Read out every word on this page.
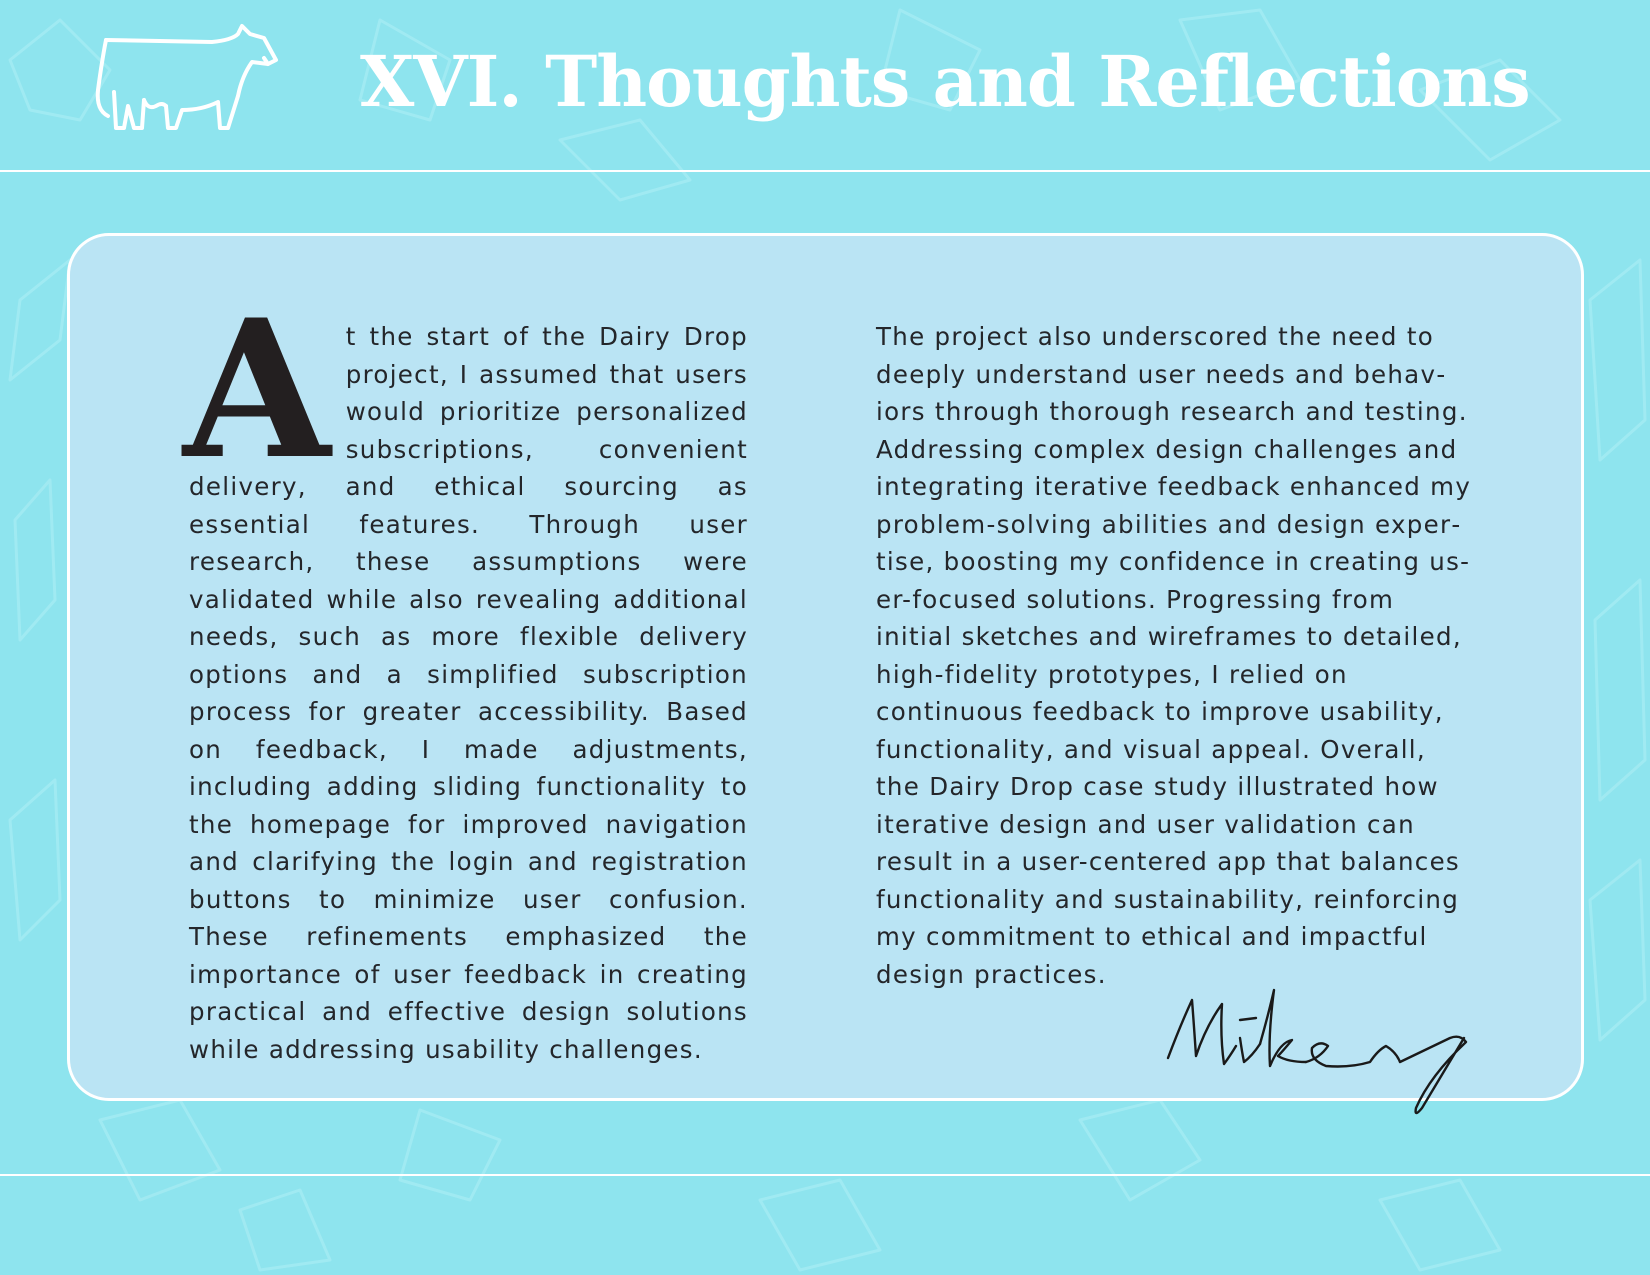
XVI. Thoughts and Reflections
A t the start of the Dairy Drop project, I assumed that users would prioritize personalized subscriptions, convenient delivery, and ethical sourcing as essential features. Through user research, these assumptions were validated while also revealing additional needs, such as more flexible delivery options and a simplified subscription process for greater accessibility. Based on feedback, I made adjustments, including adding sliding functionality to the homepage for improved navigation and clarifying the login and registration buttons to minimize user confusion. These refinements emphasized the importance of user feedback in creating practical and effective design solutions while addressing usability challenges.

The project also underscored the need to deeply understand user needs and behaviors through thorough research and testing. Addressing complex design challenges and integrating iterative feedback enhanced my problem-solving abilities and design expertise, boosting my confidence in creating user-focused solutions. Progressing from initial sketches and wireframes to detailed, high-fidelity prototypes, I relied on continuous feedback to improve usability, functionality, and visual appeal. Overall, the Dairy Drop case study illustrated how iterative design and user validation can result in a user-centered app that balances functionality and sustainability, reinforcing my commitment to ethical and impactful design practices.
